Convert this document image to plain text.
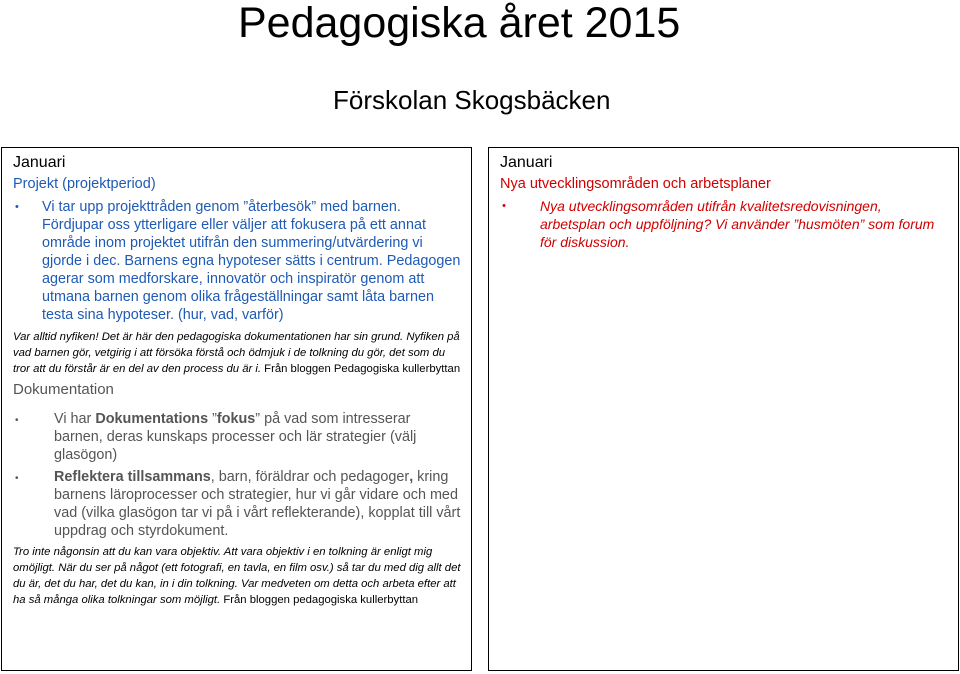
Pedagogiska året 2015
Förskolan Skogsbäcken
Januari
Projekt (projektperiod)
• Vi tar upp projekttråden genom ”återbesök” med barnen. Fördjupar oss ytterligare eller väljer att fokusera på ett annat område inom projektet utifrån den summering/utvärdering vi gjorde i dec. Barnens egna hypoteser sätts i centrum. Pedagogen agerar som medforskare, innovatör och inspiratör genom att utmana barnen genom olika frågeställningar samt låta barnen testa sina hypoteser. (hur, vad, varför)
Var alltid nyfiken! Det är här den pedagogiska dokumentationen har sin grund. Nyfiken på vad barnen gör, vetgirig i att försöka förstå och ödmjuk i de tolkning du gör, det som du tror att du förstår är en del av den process du är i. Från bloggen Pedagogiska kullerbyttan
Dokumentation
• Vi har Dokumentations ”fokus” på vad som intresserar barnen, deras kunskaps processer och lär strategier (välj glasögon)
• Reflektera tillsammans, barn, föräldrar och pedagoger, kring barnens läroprocesser och strategier, hur vi går vidare och med vad (vilka glasögon tar vi på i vårt reflekterande), kopplat till vårt uppdrag och styrdokument.
Tro inte någonsin att du kan vara objektiv. Att vara objektiv i en tolkning är enligt mig omöjligt. När du ser på något (ett fotografi, en tavla, en film osv.) så tar du med dig allt det du är, det du har, det du kan, in i din tolkning. Var medveten om detta och arbeta efter att ha så många olika tolkningar som möjligt. Från bloggen pedagogiska kullerbyttan
Januari
Nya utvecklingsområden och arbetsplaner
• Nya utvecklingsområden utifrån kvalitetsredovisningen, arbetsplan och uppföljning? Vi använder ”husmöten” som forum för diskussion.
